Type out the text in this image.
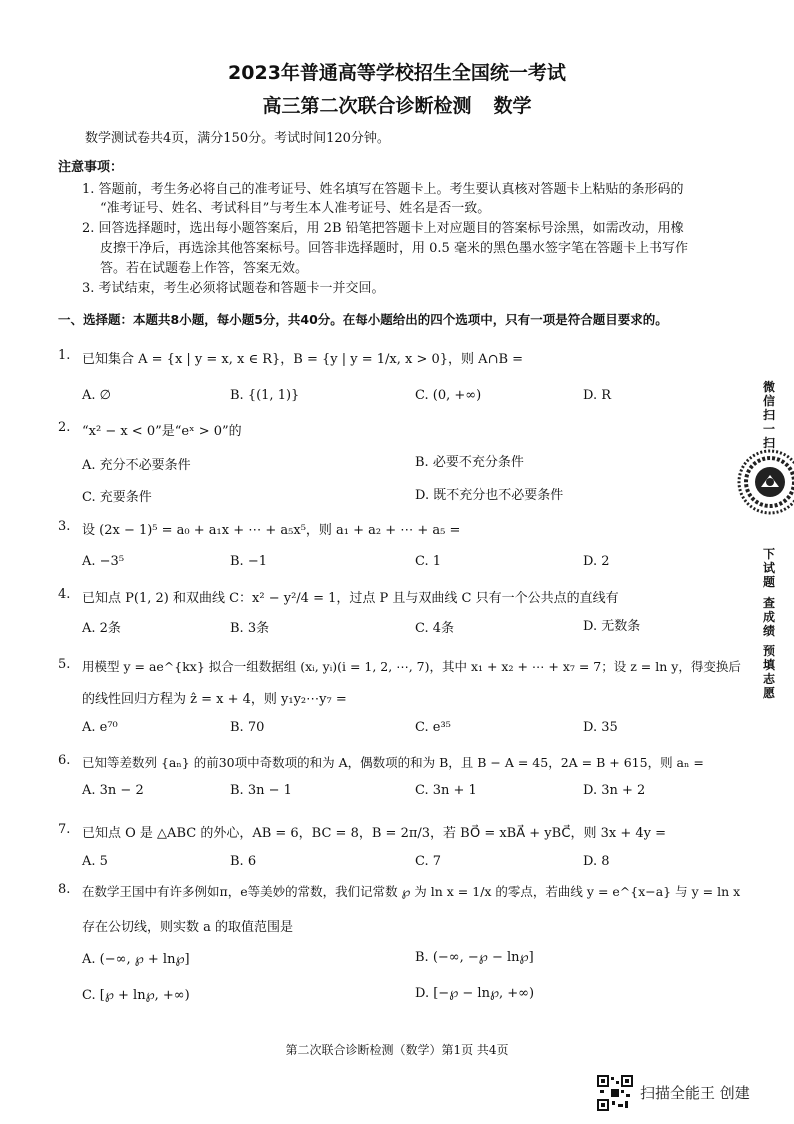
2023年普通高等学校招生全国统一考试
高三第二次联合诊断检测 数学
数学测试卷共4页，满分150分。考试时间120分钟。
注意事项：
1. 答题前，考生务必将自己的准考证号、姓名填写在答题卡上。考生要认真核对答题卡上粘贴的条形码的
“准考证号、姓名、考试科目”与考生本人准考证号、姓名是否一致。
2. 回答选择题时，选出每小题答案后，用 2B 铅笔把答题卡上对应题目的答案标号涂黑，如需改动，用橡
皮擦干净后，再选涂其他答案标号。回答非选择题时，用 0.5 毫米的黑色墨水签字笔在答题卡上书写作
答。若在试题卷上作答，答案无效。
3. 考试结束，考生必须将试题卷和答题卡一并交回。
一、选择题：本题共8小题，每小题5分，共40分。在每小题给出的四个选项中，只有一项是符合题目要求的。
1. 已知集合 A = {x | y = x, x ∈ R}，B = {y | y = 1/x, x > 0}，则 A∩B =
A. ∅	B. {(1, 1)}	C. (0, +∞)	D. R
2. “x² − x < 0”是“eˣ > 0”的
A. 充分不必要条件	B. 必要不充分条件
C. 充要条件	D. 既不充分也不必要条件
3. 设 (2x − 1)⁵ = a₀ + a₁x + ⋯ + a₅x⁵，则 a₁ + a₂ + ⋯ + a₅ =
A. −3⁵	B. −1	C. 1	D. 2
4. 已知点 P(1, 2) 和双曲线 C：x² − y²/4 = 1，过点 P 且与双曲线 C 只有一个公共点的直线有
A. 2条	B. 3条	C. 4条	D. 无数条
5. 用模型 y = ae^{kx} 拟合一组数据组 (xᵢ, yᵢ)(i = 1, 2, ⋯, 7)，其中 x₁ + x₂ + ⋯ + x₇ = 7；设 z = ln y，得变换后
的线性回归方程为 ẑ = x + 4，则 y₁y₂⋯y₇ =
A. e⁷⁰	B. 70	C. e³⁵	D. 35
6. 已知等差数列 {aₙ} 的前30项中奇数项的和为 A，偶数项的和为 B，且 B − A = 45，2A = B + 615，则 aₙ =
A. 3n − 2	B. 3n − 1	C. 3n + 1	D. 3n + 2
7. 已知点 O 是 △ABC 的外心，AB = 6，BC = 8，B = 2π/3，若 BO⃗ = xBA⃗ + yBC⃗，则 3x + 4y =
A. 5	B. 6	C. 7	D. 8
8. 在数学王国中有许多例如π，e等美妙的常数，我们记常数 ℘ 为 ln x = 1/x 的零点，若曲线 y = e^{x−a} 与 y = ln x
存在公切线，则实数 a 的取值范围是
A. (−∞, ℘ + ln℘]	B. (−∞, −℘ − ln℘]
C. [℘ + ln℘, +∞)	D. [−℘ − ln℘, +∞)
第二次联合诊断检测（数学）第1页 共4页
微信扫一扫
下试题
查成绩
预填志愿
扫描全能王 创建
